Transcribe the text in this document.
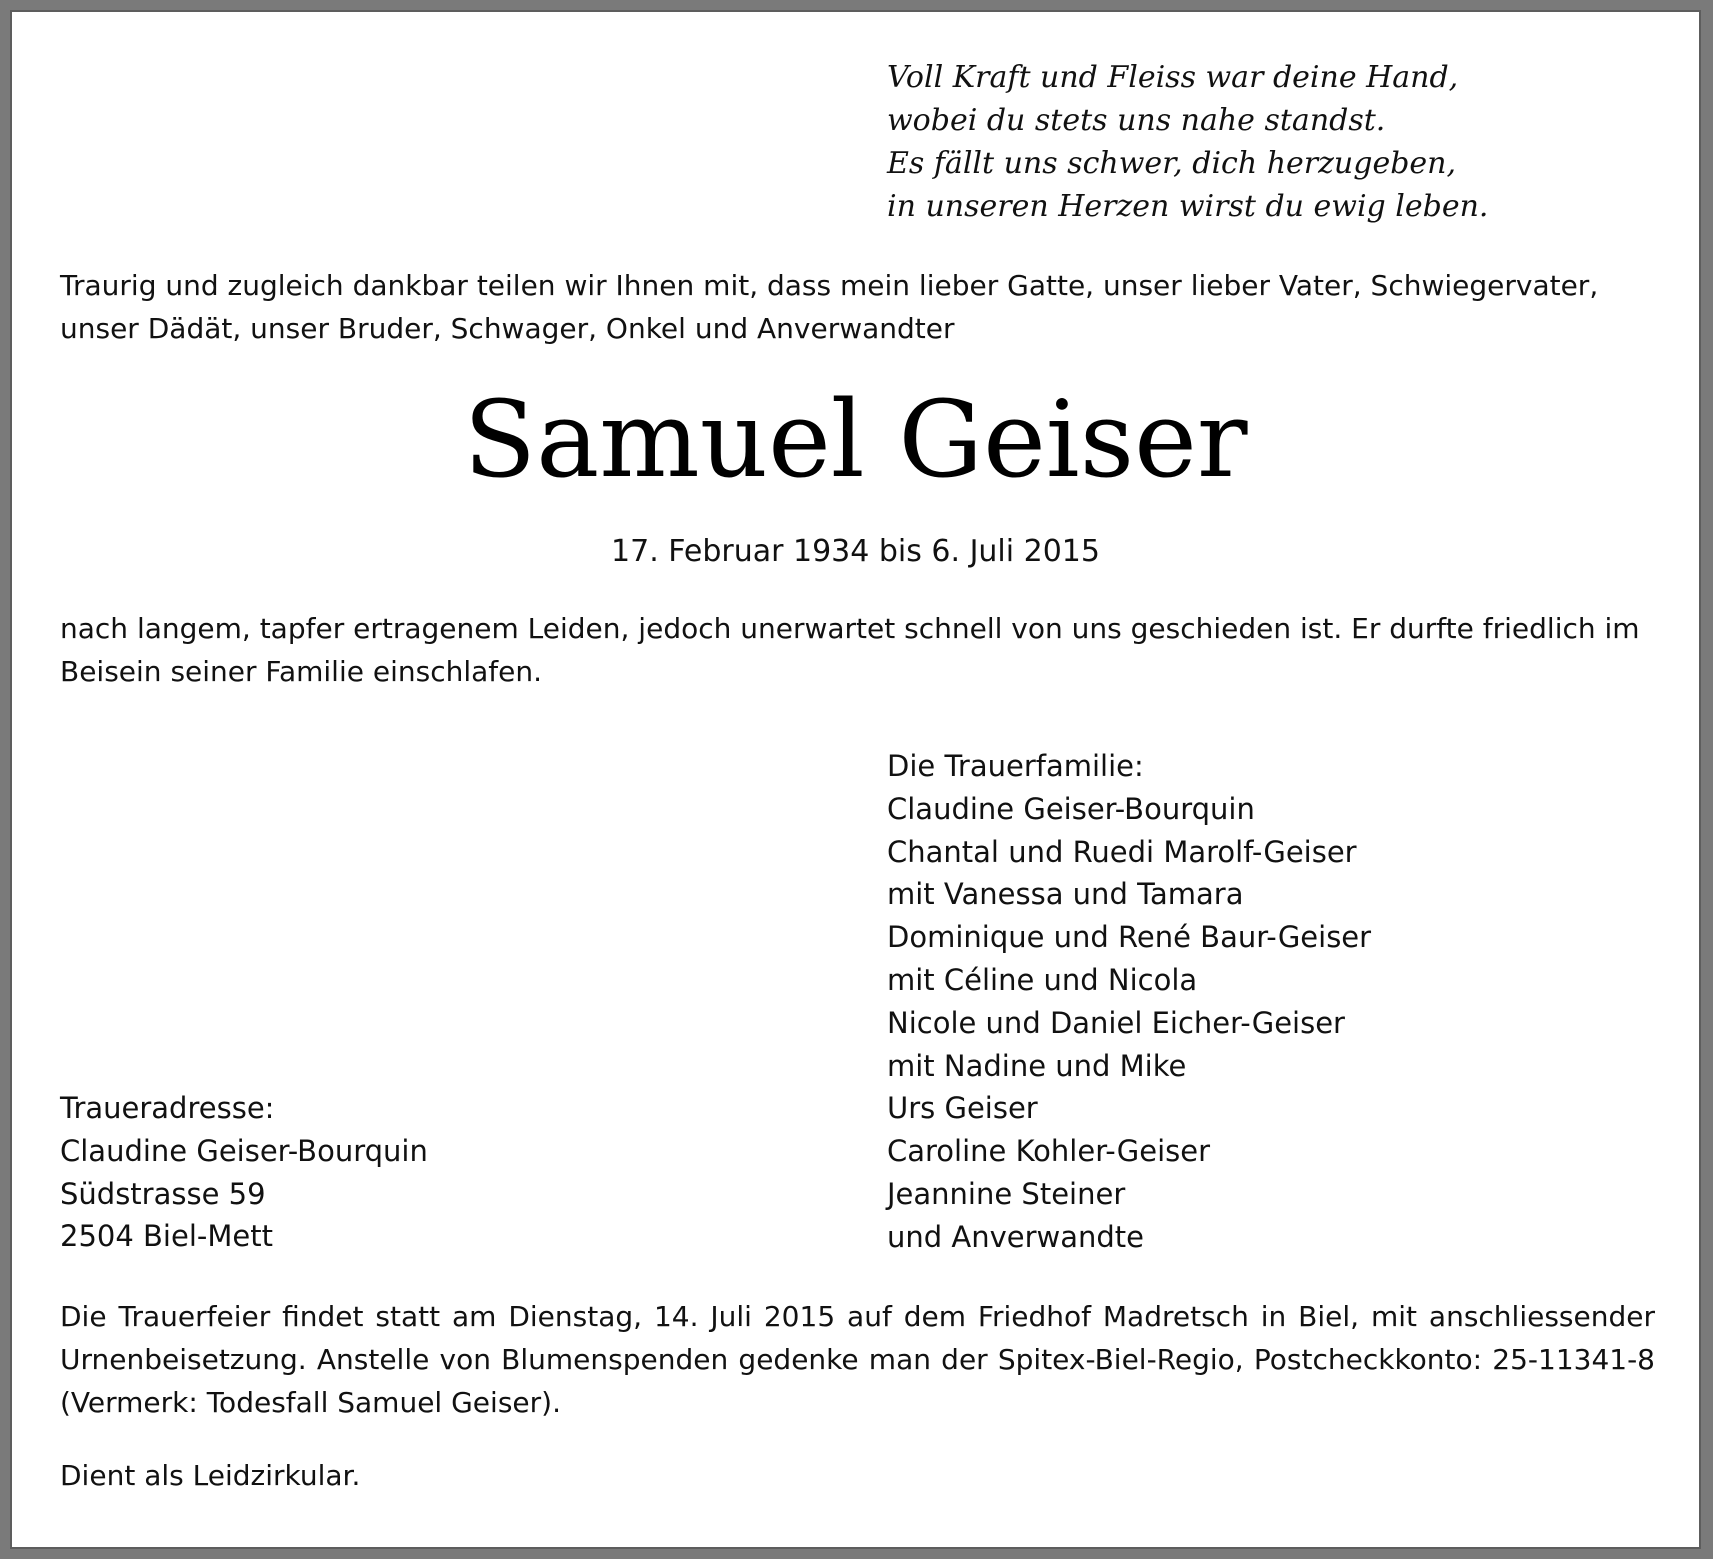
Voll Kraft und Fleiss war deine Hand,
wobei du stets uns nahe standst.
Es fällt uns schwer, dich herzugeben,
in unseren Herzen wirst du ewig leben.
Traurig und zugleich dankbar teilen wir Ihnen mit, dass mein lieber Gatte, unser lieber Vater, Schwiegervater, unser Dädät, unser Bruder, Schwager, Onkel und Anverwandter
Samuel Geiser
17. Februar 1934 bis 6. Juli 2015
nach langem, tapfer ertragenem Leiden, jedoch unerwartet schnell von uns geschieden ist. Er durfte friedlich im Beisein seiner Familie einschlafen.
Die Trauerfamilie:
Claudine Geiser-Bourquin
Chantal und Ruedi Marolf-Geiser
mit Vanessa und Tamara
Dominique und René Baur-Geiser
mit Céline und Nicola
Nicole und Daniel Eicher-Geiser
mit Nadine und Mike
Urs Geiser
Caroline Kohler-Geiser
Jeannine Steiner
und Anverwandte
Traueradresse:
Claudine Geiser-Bourquin
Südstrasse 59
2504 Biel-Mett
Die Trauerfeier findet statt am Dienstag, 14. Juli 2015 auf dem Friedhof Madretsch in Biel, mit anschliessender Urnenbeisetzung. Anstelle von Blumenspenden gedenke man der Spitex-Biel-Regio, Postcheckkonto: 25-11341-8 (Vermerk: Todesfall Samuel Geiser).
Dient als Leidzirkular.
